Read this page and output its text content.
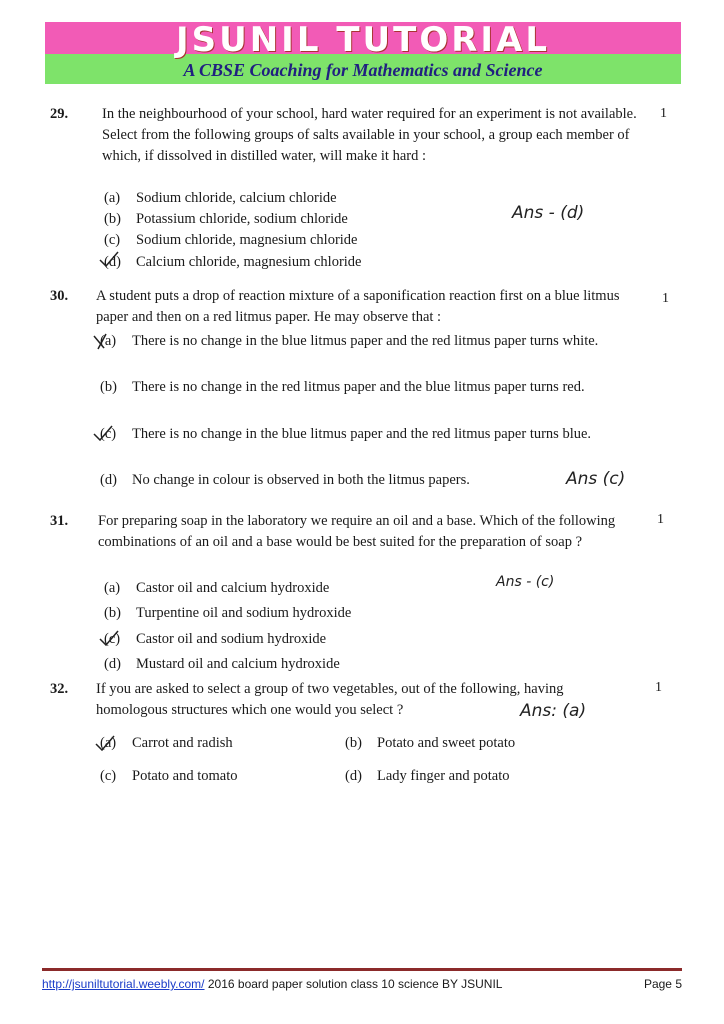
JSUNIL TUTORIAL
A CBSE Coaching for Mathematics and Science
29. In the neighbourhood of your school, hard water required for an experiment is not available. Select from the following groups of salts available in your school, a group each member of which, if dissolved in distilled water, will make it hard :
1
(a) Sodium chloride, calcium chloride
(b) Potassium chloride, sodium chloride
(c) Sodium chloride, magnesium chloride
(d) Calcium chloride, magnesium chloride
Ans - (d)
30. A student puts a drop of reaction mixture of a saponification reaction first on a blue litmus paper and then on a red litmus paper. He may observe that :
1
(a) There is no change in the blue litmus paper and the red litmus paper turns white.
(b) There is no change in the red litmus paper and the blue litmus paper turns red.
(c) There is no change in the blue litmus paper and the red litmus paper turns blue.
(d) No change in colour is observed in both the litmus papers.	Ans (c)
31. For preparing soap in the laboratory we require an oil and a base. Which of the following combinations of an oil and a base would be best suited for the preparation of soap ?
1
(a) Castor oil and calcium hydroxide
(b) Turpentine oil and sodium hydroxide
(c) Castor oil and sodium hydroxide
(d) Mustard oil and calcium hydroxide
Ans - (c)
32. If you are asked to select a group of two vegetables, out of the following, having homologous structures which one would you select ?
1
(a) Carrot and radish	(b) Potato and sweet potato
(c) Potato and tomato	(d) Lady finger and potato
Ans: (a)
http://jsuniltutorial.weebly.com/ 2016 board paper solution class 10 science BY JSUNIL	Page 5
